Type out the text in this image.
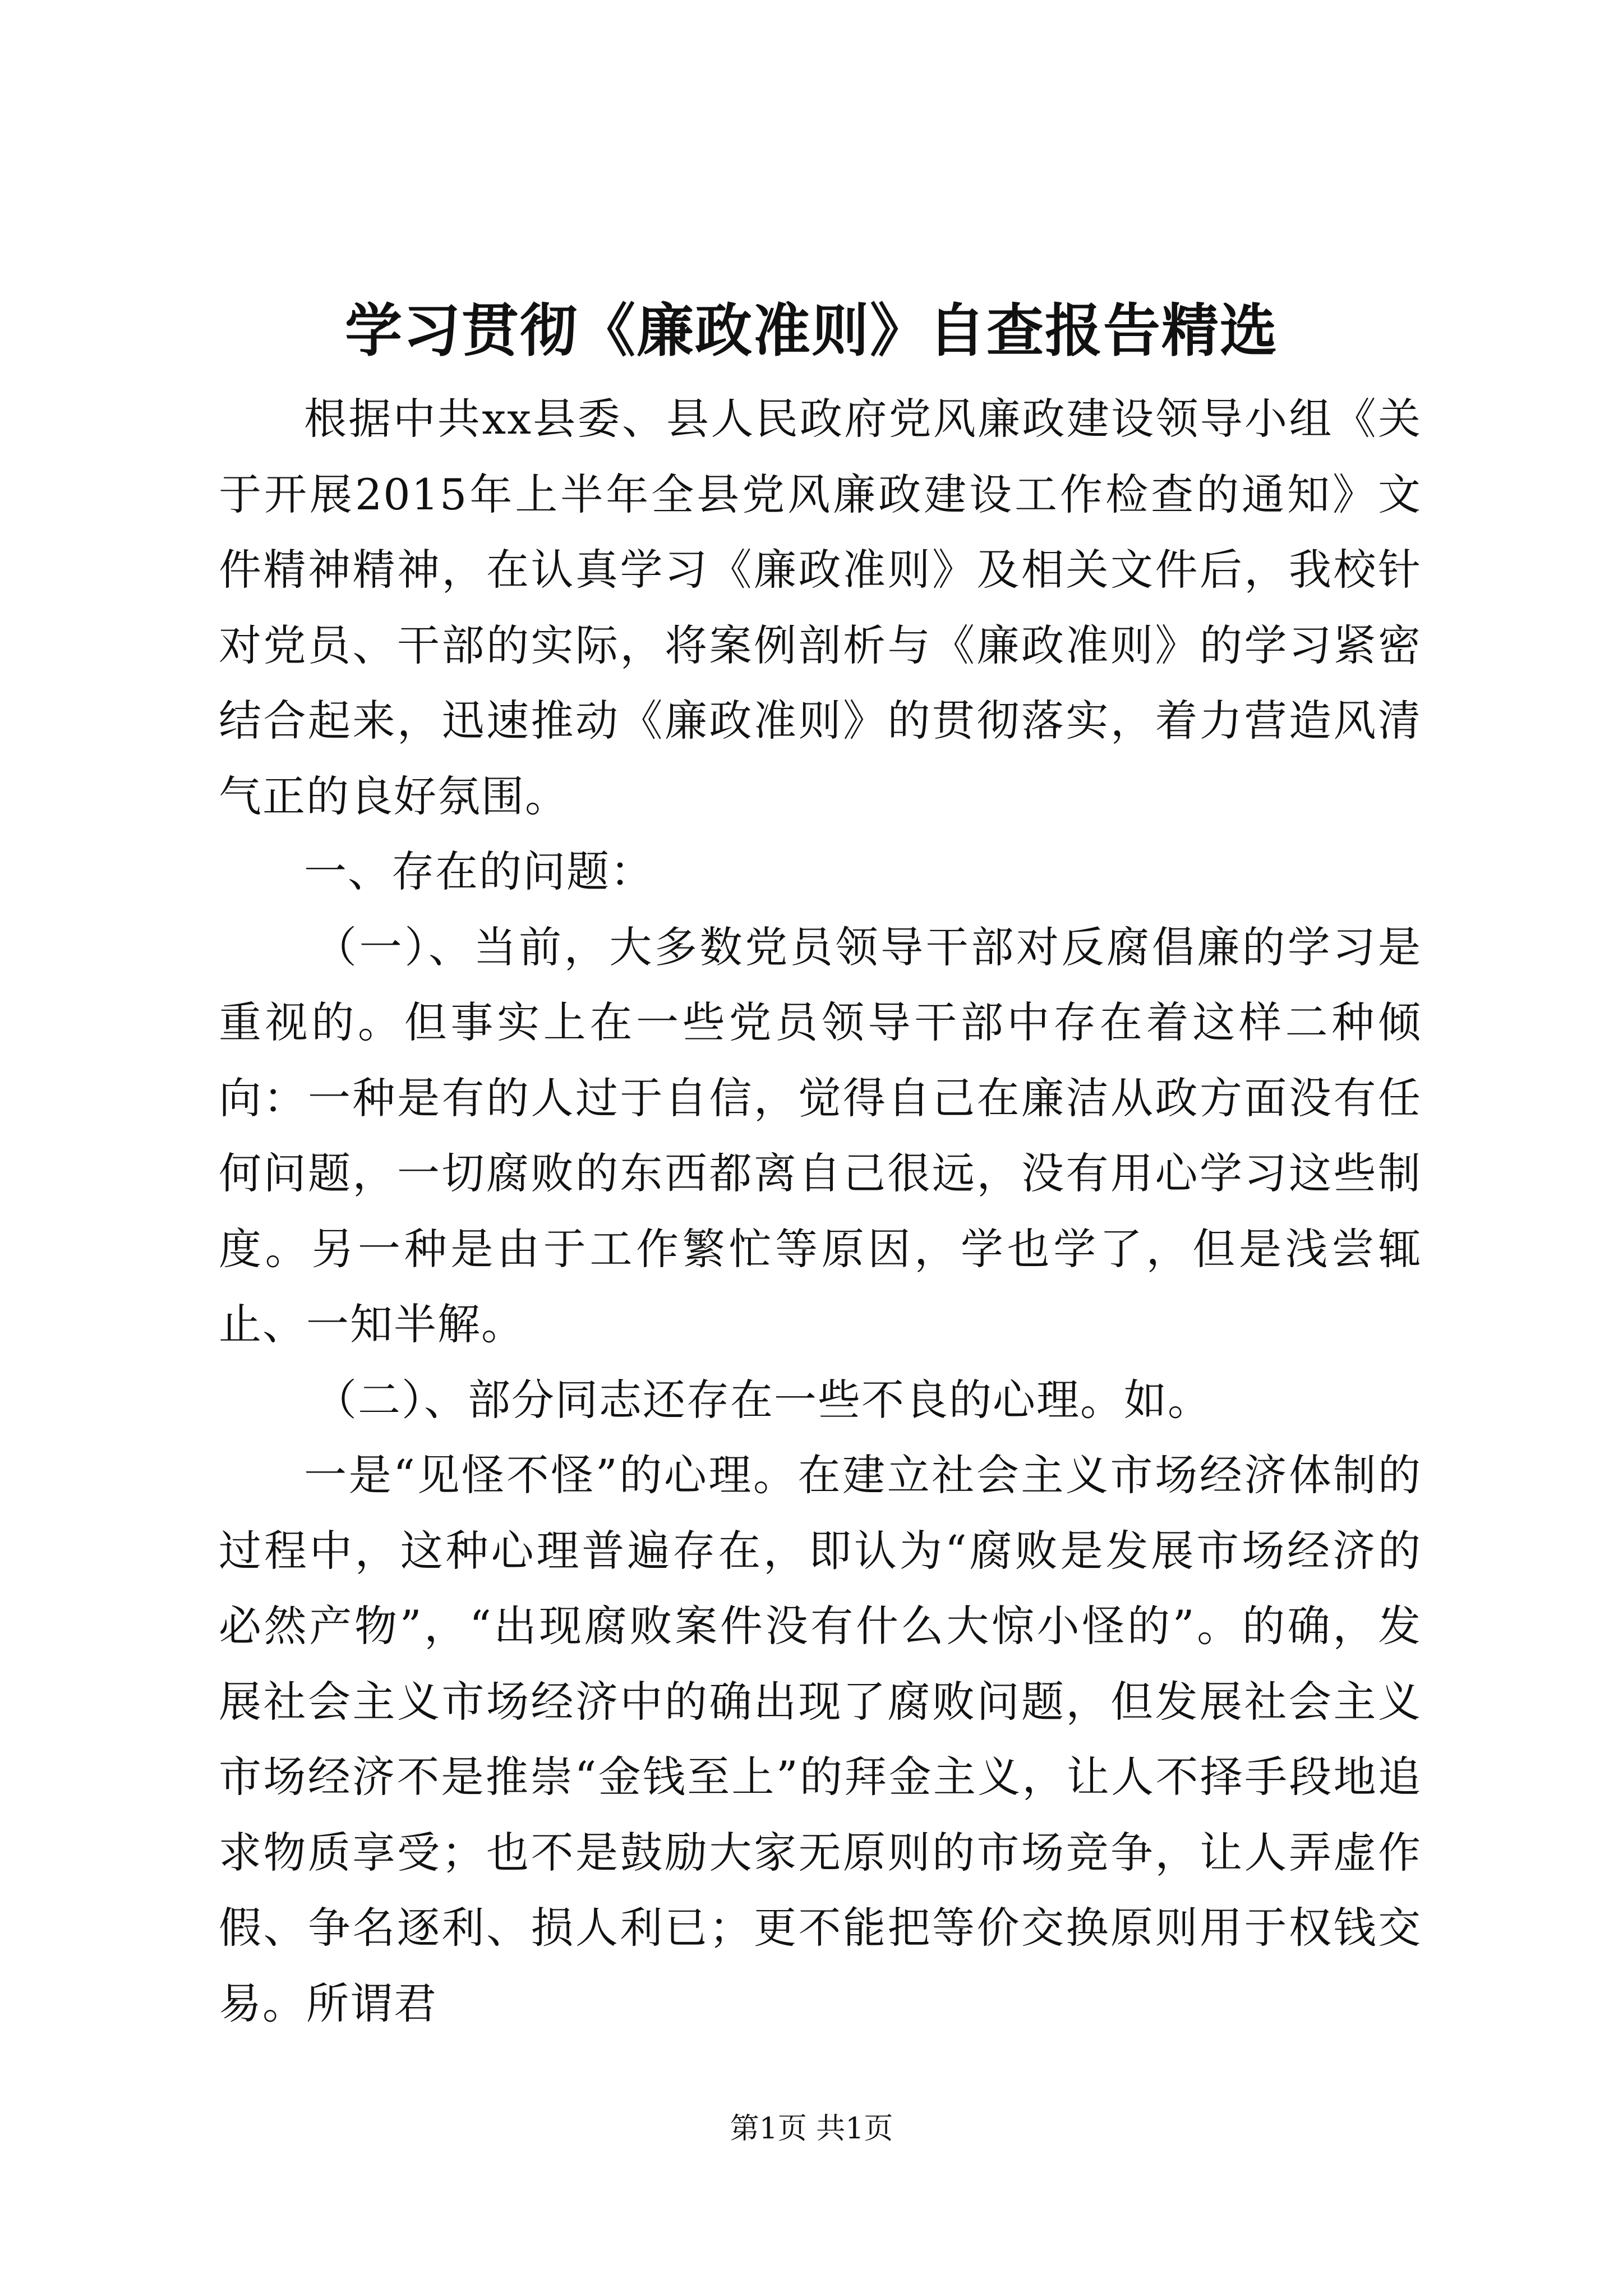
学习贯彻《廉政准则》自查报告精选

根据中共xx县委、县人民政府党风廉政建设领导小组《关于开展2015年上半年全县党风廉政建设工作检查的通知》文件精神精神，在认真学习《廉政准则》及相关文件后，我校针对党员、干部的实际，将案例剖析与《廉政准则》的学习紧密结合起来，迅速推动《廉政准则》的贯彻落实，着力营造风清气正的良好氛围。

一、存在的问题：

（一）、当前，大多数党员领导干部对反腐倡廉的学习是重视的。但事实上在一些党员领导干部中存在着这样二种倾向：一种是有的人过于自信，觉得自己在廉洁从政方面没有任何问题，一切腐败的东西都离自己很远，没有用心学习这些制度。另一种是由于工作繁忙等原因，学也学了，但是浅尝辄止、一知半解。

（二）、部分同志还存在一些不良的心理。如。

一是“见怪不怪”的心理。在建立社会主义市场经济体制的过程中，这种心理普遍存在，即认为“腐败是发展市场经济的必然产物”，“出现腐败案件没有什么大惊小怪的”。的确，发展社会主义市场经济中的确出现了腐败问题，但发展社会主义市场经济不是推崇“金钱至上”的拜金主义，让人不择手段地追求物质享受；也不是鼓励大家无原则的市场竞争，让人弄虚作假、争名逐利、损人利已；更不能把等价交换原则用于权钱交易。所谓君

第1页 共1页
